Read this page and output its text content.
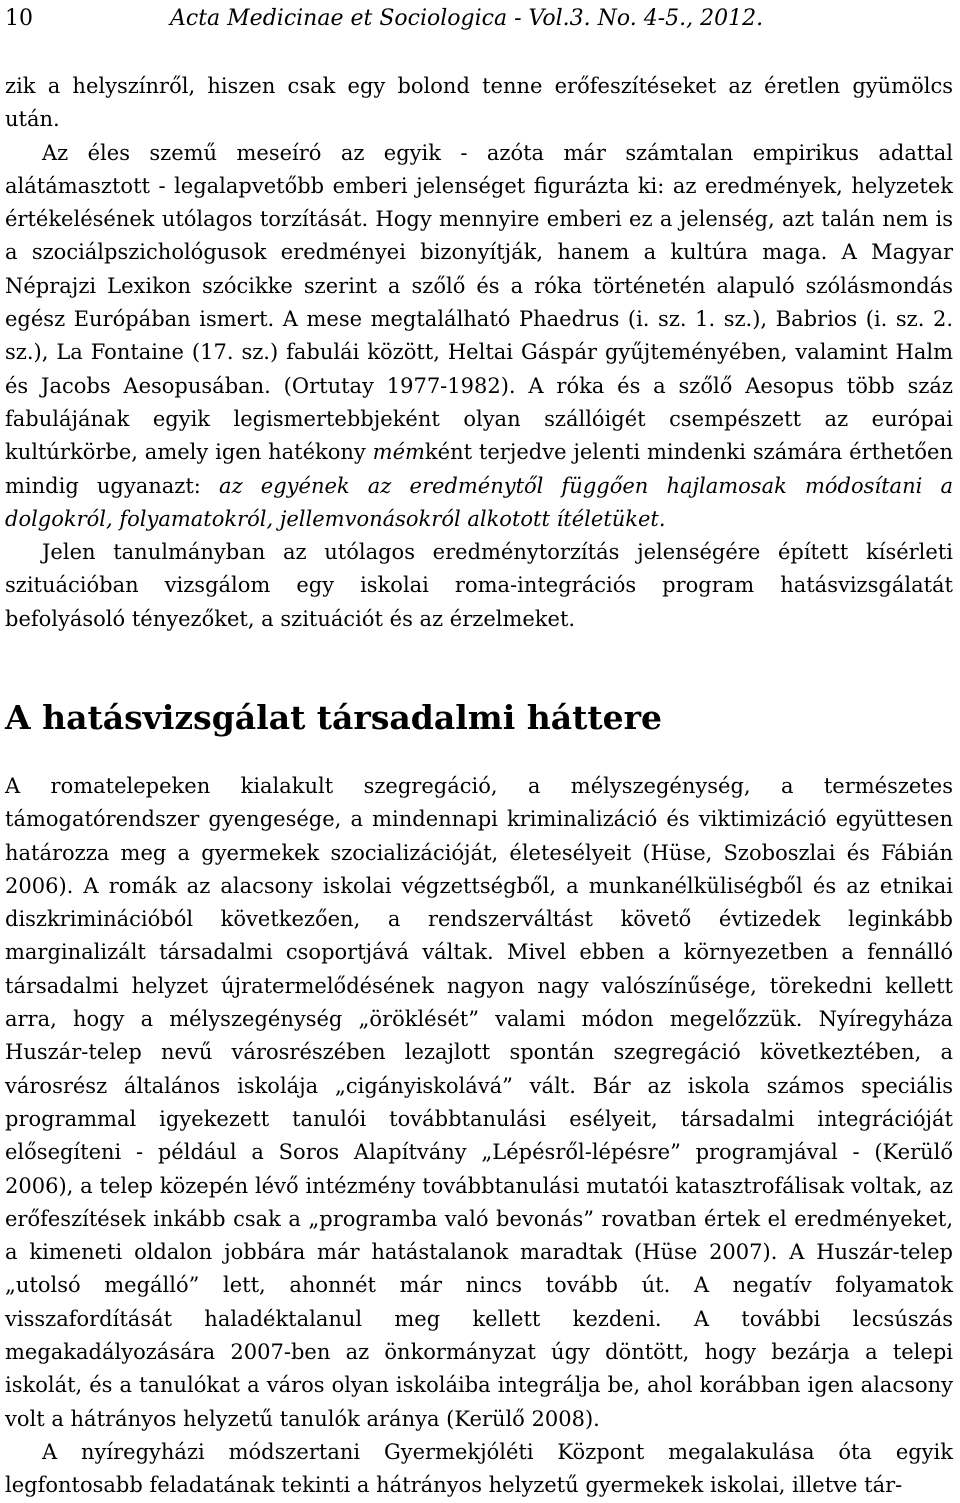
10	Acta Medicinae et Sociologica - Vol.3. No. 4-5., 2012.

zik a helyszínről, hiszen csak egy bolond tenne erőfeszítéseket az éretlen gyümölcs után.

Az éles szemű meseíró az egyik - azóta már számtalan empirikus adattal alátámasztott - legalapvetőbb emberi jelenséget figurázta ki: az eredmények, helyzetek értékelésének utólagos torzítását. Hogy mennyire emberi ez a jelenség, azt talán nem is a szociálpszichológusok eredményei bizonyítják, hanem a kultúra maga. A Magyar Néprajzi Lexikon szócikke szerint a szőlő és a róka történetén alapuló szólásmondás egész Európában ismert. A mese megtalálható Phaedrus (i. sz. 1. sz.), Babrios (i. sz. 2. sz.), La Fontaine (17. sz.) fabulái között, Heltai Gáspár gyűjteményében, valamint Halm és Jacobs Aesopusában. (Ortutay 1977-1982). A róka és a szőlő Aesopus több száz fabulájának egyik legismertebbjeként olyan szállóigét csempészett az európai kultúrkörbe, amely igen hatékony mémként terjedve jelenti mindenki számára érthetően mindig ugyanazt: az egyének az eredménytől függően hajlamosak módosítani a dolgokról, folyamatokról, jellemvonásokról alkotott ítéletüket.

Jelen tanulmányban az utólagos eredménytorzítás jelenségére épített kísérleti szituációban vizsgálom egy iskolai roma-integrációs program hatásvizsgálatát befolyásoló tényezőket, a szituációt és az érzelmeket.

A hatásvizsgálat társadalmi háttere

A romatelepeken kialakult szegregáció, a mélyszegénység, a természetes támogatórendszer gyengesége, a mindennapi kriminalizáció és viktimizáció együttesen határozza meg a gyermekek szocializációját, életesélyeit (Hüse, Szoboszlai és Fábián 2006). A romák az alacsony iskolai végzettségből, a munkanélküliségből és az etnikai diszkriminációból következően, a rendszerváltást követő évtizedek leginkább marginalizált társadalmi csoportjává váltak. Mivel ebben a környezetben a fennálló társadalmi helyzet újratermelődésének nagyon nagy valószínűsége, törekedni kellett arra, hogy a mélyszegénység „öröklését” valami módon megelőzzük. Nyíregyháza Huszár-telep nevű városrészében lezajlott spontán szegregáció következtében, a városrész általános iskolája „cigányiskolává” vált. Bár az iskola számos speciális programmal igyekezett tanulói továbbtanulási esélyeit, társadalmi integrációját elősegíteni - például a Soros Alapítvány „Lépésről-lépésre” programjával - (Kerülő 2006), a telep közepén lévő intézmény továbbtanulási mutatói katasztrofálisak voltak, az erőfeszítések inkább csak a „programba való bevonás” rovatban értek el eredményeket, a kimeneti oldalon jobbára már hatástalanok maradtak (Hüse 2007). A Huszár-telep „utolsó megálló” lett, ahonnét már nincs tovább út. A negatív folyamatok visszafordítását haladéktalanul meg kellett kezdeni. A további lecsúszás megakadályozására 2007-ben az önkormányzat úgy döntött, hogy bezárja a telepi iskolát, és a tanulókat a város olyan iskoláiba integrálja be, ahol korábban igen alacsony volt a hátrányos helyzetű tanulók aránya (Kerülő 2008).

A nyíregyházi módszertani Gyermekjóléti Központ megalakulása óta egyik legfontosabb feladatának tekinti a hátrányos helyzetű gyermekek iskolai, illetve tár-
